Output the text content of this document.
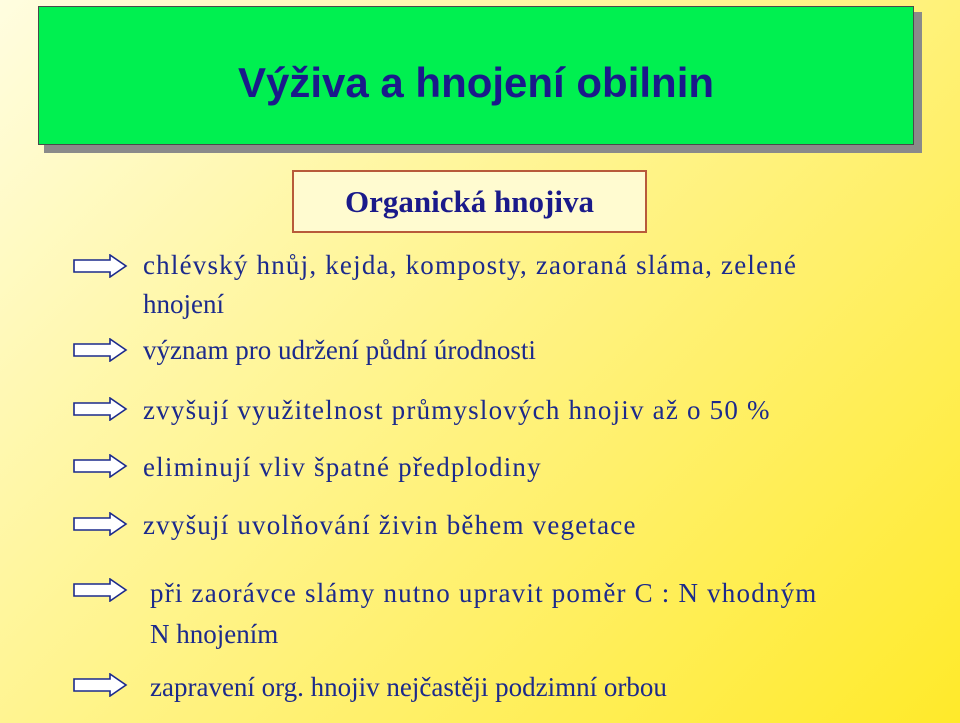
Výživa a hnojení obilnin
Organická hnojiva
chlévský hnůj, kejda, komposty, zaoraná sláma, zelené
hnojení
význam pro udržení půdní úrodnosti
zvyšují využitelnost průmyslových hnojiv až o 50 %
eliminují vliv špatné předplodiny
zvyšují uvolňování živin během vegetace
při zaorávce slámy nutno upravit poměr C : N vhodným
N hnojením
zapravení org. hnojiv nejčastěji podzimní orbou
